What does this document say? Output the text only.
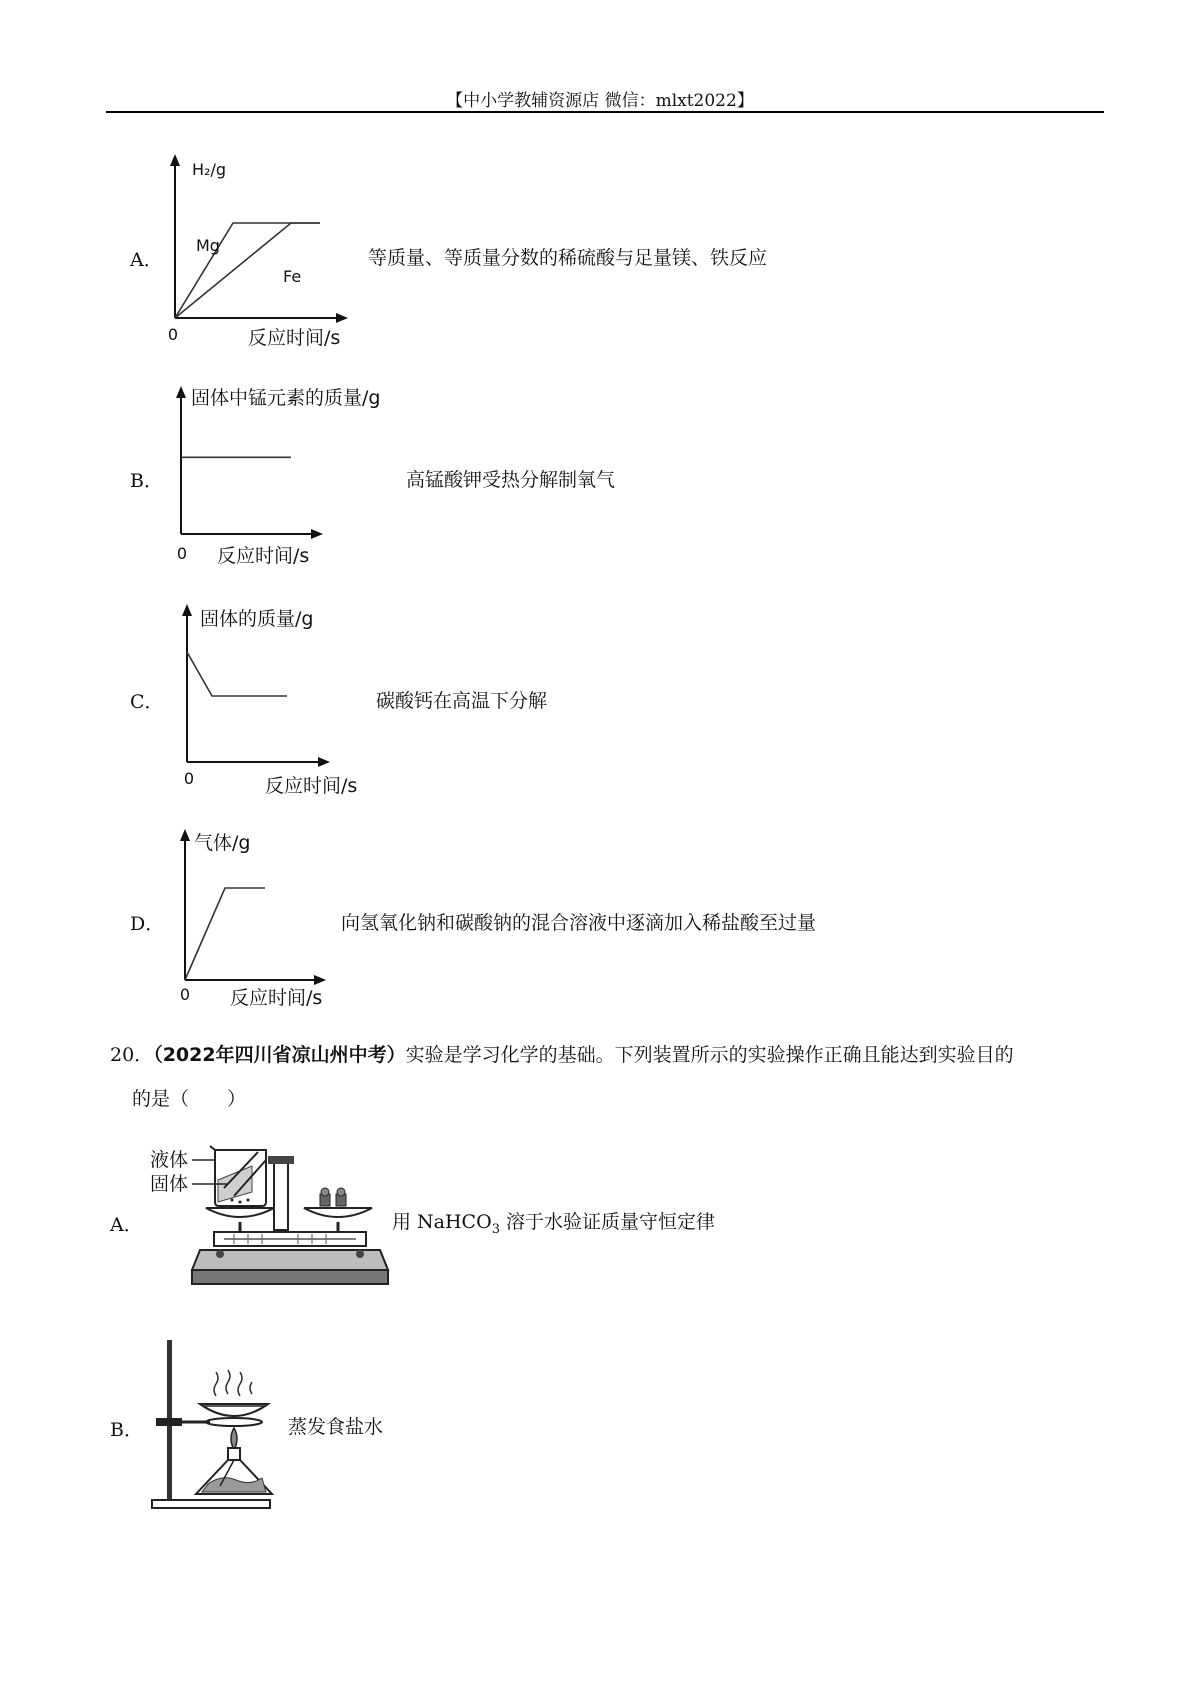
【中小学教辅资源店 微信：mlxt2022】
A．
H₂/g
Mg
Fe
0	反应时间/s
等质量、等质量分数的稀硫酸与足量镁、铁反应
B．
固体中锰元素的质量/g
0 反应时间/s
高锰酸钾受热分解制氧气
C．
固体的质量/g
0	反应时间/s
碳酸钙在高温下分解
D．
气体/g
0 反应时间/s
向氢氧化钠和碳酸钠的混合溶液中逐滴加入稀盐酸至过量
20．（2022年四川省凉山州中考）实验是学习化学的基础。下列装置所示的实验操作正确且能达到实验目的
的是（　　）
A．
液体
固体
用 NaHCO$_3$ 溶于水验证质量守恒定律
B．	蒸发食盐水
